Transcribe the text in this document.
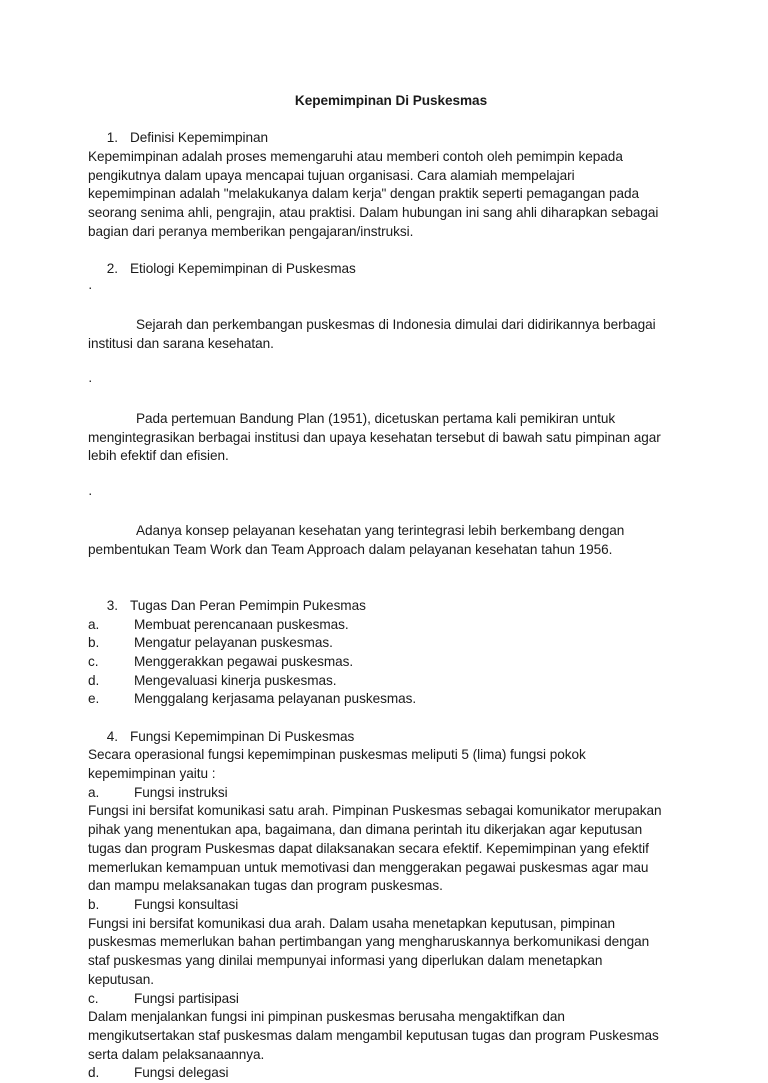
Kepemimpinan Di Puskesmas
1. Definisi Kepemimpinan
Kepemimpinan adalah proses memengaruhi atau memberi contoh oleh pemimpin kepada
pengikutnya dalam upaya mencapai tujuan organisasi. Cara alamiah mempelajari
kepemimpinan adalah "melakukanya dalam kerja" dengan praktik seperti pemagangan pada
seorang senima ahli, pengrajin, atau praktisi. Dalam hubungan ini sang ahli diharapkan sebagai
bagian dari peranya memberikan pengajaran/instruksi.
2. Etiologi Kepemimpinan di Puskesmas

·

Sejarah dan perkembangan puskesmas di Indonesia dimulai dari didirikannya berbagai
institusi dan sarana kesehatan.

·

Pada pertemuan Bandung Plan (1951), dicetuskan pertama kali pemikiran untuk
mengintegrasikan berbagai institusi dan upaya kesehatan tersebut di bawah satu pimpinan agar
lebih efektif dan efisien.

·

Adanya konsep pelayanan kesehatan yang terintegrasi lebih berkembang dengan
pembentukan Team Work dan Team Approach dalam pelayanan kesehatan tahun 1956.

3. Tugas Dan Peran Pemimpin Pukesmas
a.	Membuat perencanaan puskesmas.
b.	Mengatur pelayanan puskesmas.
c.	Menggerakkan pegawai puskesmas.
d.	Mengevaluasi kinerja puskesmas.
e.	Menggalang kerjasama pelayanan puskesmas.
4. Fungsi Kepemimpinan Di Puskesmas
Secara operasional fungsi kepemimpinan puskesmas meliputi 5 (lima) fungsi pokok
kepemimpinan yaitu :
a.	Fungsi instruksi
Fungsi ini bersifat komunikasi satu arah. Pimpinan Puskesmas sebagai komunikator merupakan
pihak yang menentukan apa, bagaimana, dan dimana perintah itu dikerjakan agar keputusan
tugas dan program Puskesmas dapat dilaksanakan secara efektif. Kepemimpinan yang efektif
memerlukan kemampuan untuk memotivasi dan menggerakan pegawai puskesmas agar mau
dan mampu melaksanakan tugas dan program puskesmas.
b.	Fungsi konsultasi
Fungsi ini bersifat komunikasi dua arah. Dalam usaha menetapkan keputusan, pimpinan
puskesmas memerlukan bahan pertimbangan yang mengharuskannya berkomunikasi dengan
staf puskesmas yang dinilai mempunyai informasi yang diperlukan dalam menetapkan
keputusan.
c.	Fungsi partisipasi
Dalam menjalankan fungsi ini pimpinan puskesmas berusaha mengaktifkan dan
mengikutsertakan staf puskesmas dalam mengambil keputusan tugas dan program Puskesmas
serta dalam pelaksanaannya.
d.	Fungsi delegasi
